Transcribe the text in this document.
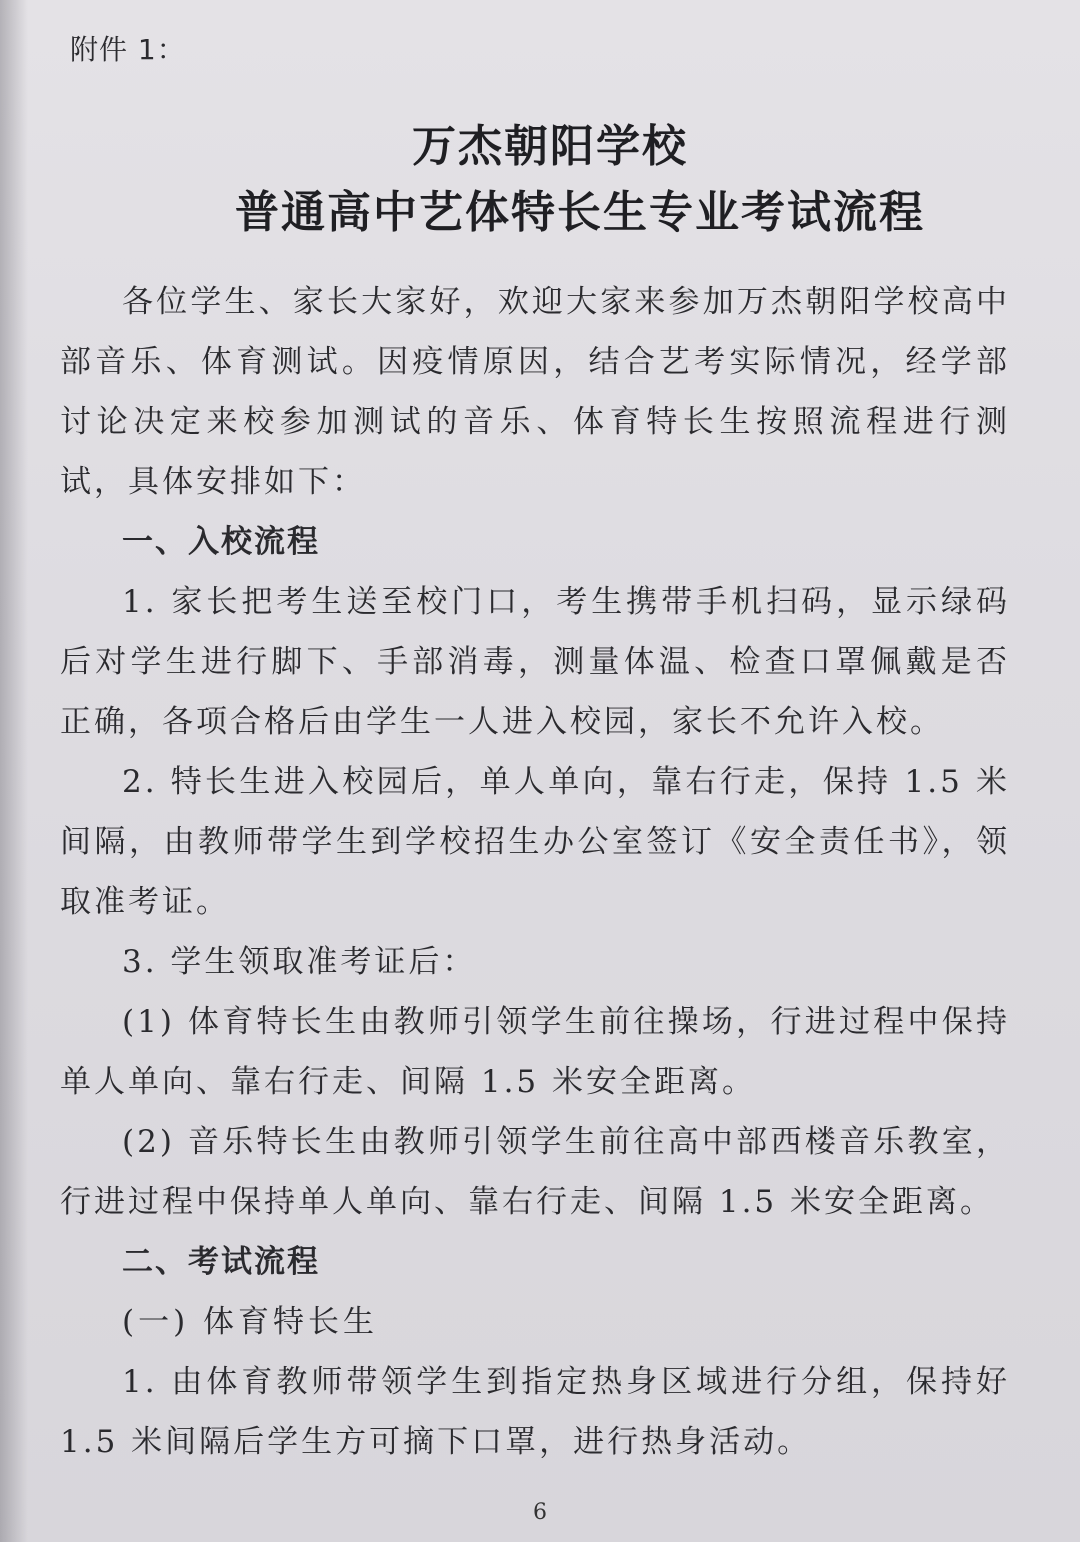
附件 1：
万杰朝阳学校
普通高中艺体特长生专业考试流程

各位学生、家长大家好，欢迎大家来参加万杰朝阳学校高中部音乐、体育测试。因疫情原因，结合艺考实际情况，经学部讨论决定来校参加测试的音乐、体育特长生按照流程进行测试，具体安排如下：

一、入校流程

1. 家长把考生送至校门口，考生携带手机扫码，显示绿码后对学生进行脚下、手部消毒，测量体温、检查口罩佩戴是否正确，各项合格后由学生一人进入校园，家长不允许入校。

2. 特长生进入校园后，单人单向，靠右行走，保持 1.5 米间隔，由教师带学生到学校招生办公室签订《安全责任书》，领取准考证。

3. 学生领取准考证后：

(1) 体育特长生由教师引领学生前往操场，行进过程中保持单人单向、靠右行走、间隔 1.5 米安全距离。

(2) 音乐特长生由教师引领学生前往高中部西楼音乐教室，行进过程中保持单人单向、靠右行走、间隔 1.5 米安全距离。

二、考试流程

(一) 体育特长生

1. 由体育教师带领学生到指定热身区域进行分组，保持好 1.5 米间隔后学生方可摘下口罩，进行热身活动。

6
